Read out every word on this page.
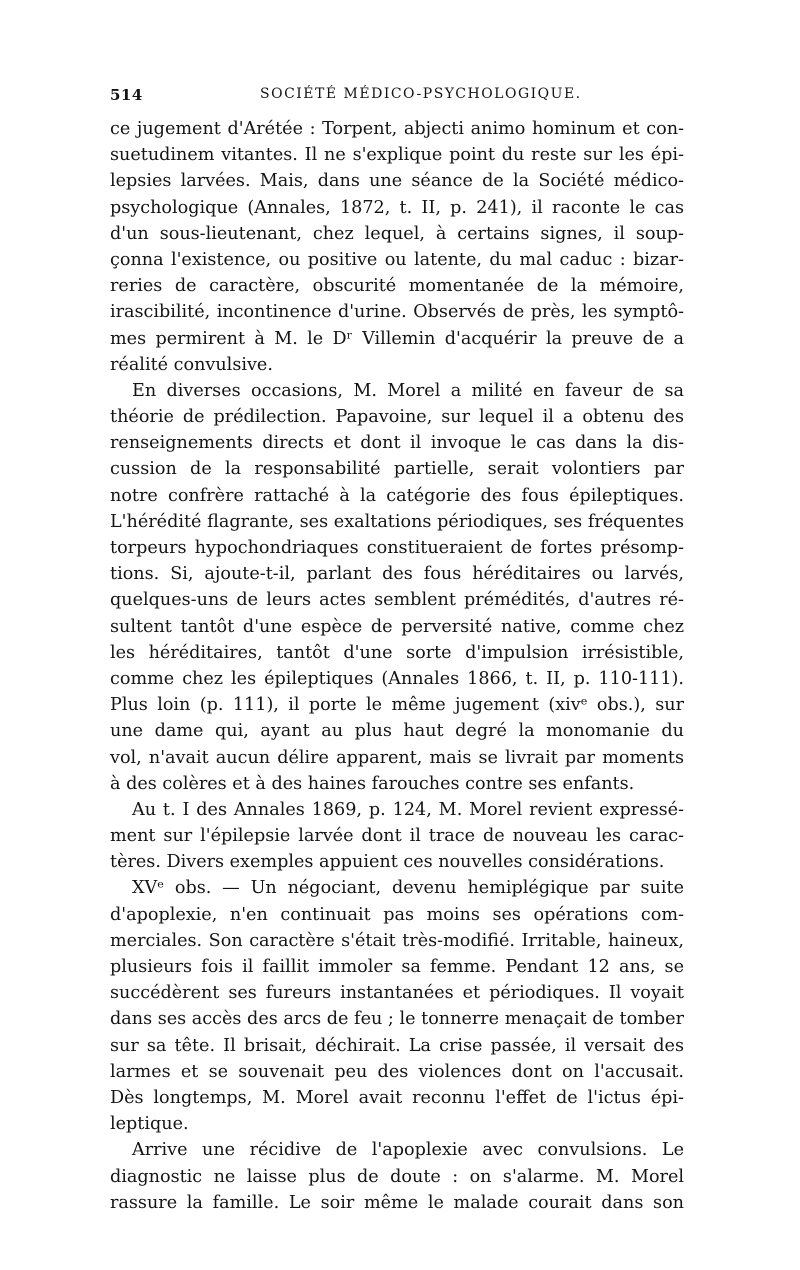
514	SOCIÉTÉ MÉDICO-PSYCHOLOGIQUE.
ce jugement d'Arétée : Torpent, abjecti animo hominum et con-
suetudinem vitantes. Il ne s'explique point du reste sur les épi-
lepsies larvées. Mais, dans une séance de la Société médico-
psychologique (Annales, 1872, t. II, p. 241), il raconte le cas
d'un sous-lieutenant, chez lequel, à certains signes, il soup-
çonna l'existence, ou positive ou latente, du mal caduc : bizar-
reries de caractère, obscurité momentanée de la mémoire,
irascibilité, incontinence d'urine. Observés de près, les symptô-
mes permirent à M. le Dʳ Villemin d'acquérir la preuve de a
réalité convulsive.
En diverses occasions, M. Morel a milité en faveur de sa
théorie de prédilection. Papavoine, sur lequel il a obtenu des
renseignements directs et dont il invoque le cas dans la dis-
cussion de la responsabilité partielle, serait volontiers par
notre confrère rattaché à la catégorie des fous épileptiques.
L'hérédité flagrante, ses exaltations périodiques, ses fréquentes
torpeurs hypochondriaques constitueraient de fortes présomp-
tions. Si, ajoute-t-il, parlant des fous héréditaires ou larvés,
quelques-uns de leurs actes semblent prémédités, d'autres ré-
sultent tantôt d'une espèce de perversité native, comme chez
les héréditaires, tantôt d'une sorte d'impulsion irrésistible,
comme chez les épileptiques (Annales 1866, t. II, p. 110-111).
Plus loin (p. 111), il porte le même jugement (xivᵉ obs.), sur
une dame qui, ayant au plus haut degré la monomanie du
vol, n'avait aucun délire apparent, mais se livrait par moments
à des colères et à des haines farouches contre ses enfants.
Au t. I des Annales 1869, p. 124, M. Morel revient expressé-
ment sur l'épilepsie larvée dont il trace de nouveau les carac-
tères. Divers exemples appuient ces nouvelles considérations.
XVᵉ obs. — Un négociant, devenu hemiplégique par suite
d'apoplexie, n'en continuait pas moins ses opérations com-
merciales. Son caractère s'était très-modifié. Irritable, haineux,
plusieurs fois il faillit immoler sa femme. Pendant 12 ans, se
succédèrent ses fureurs instantanées et périodiques. Il voyait
dans ses accès des arcs de feu ; le tonnerre menaçait de tomber
sur sa tête. Il brisait, déchirait. La crise passée, il versait des
larmes et se souvenait peu des violences dont on l'accusait.
Dès longtemps, M. Morel avait reconnu l'effet de l'ictus épi-
leptique.
Arrive une récidive de l'apoplexie avec convulsions. Le
diagnostic ne laisse plus de doute : on s'alarme. M. Morel
rassure la famille. Le soir même le malade courait dans son
